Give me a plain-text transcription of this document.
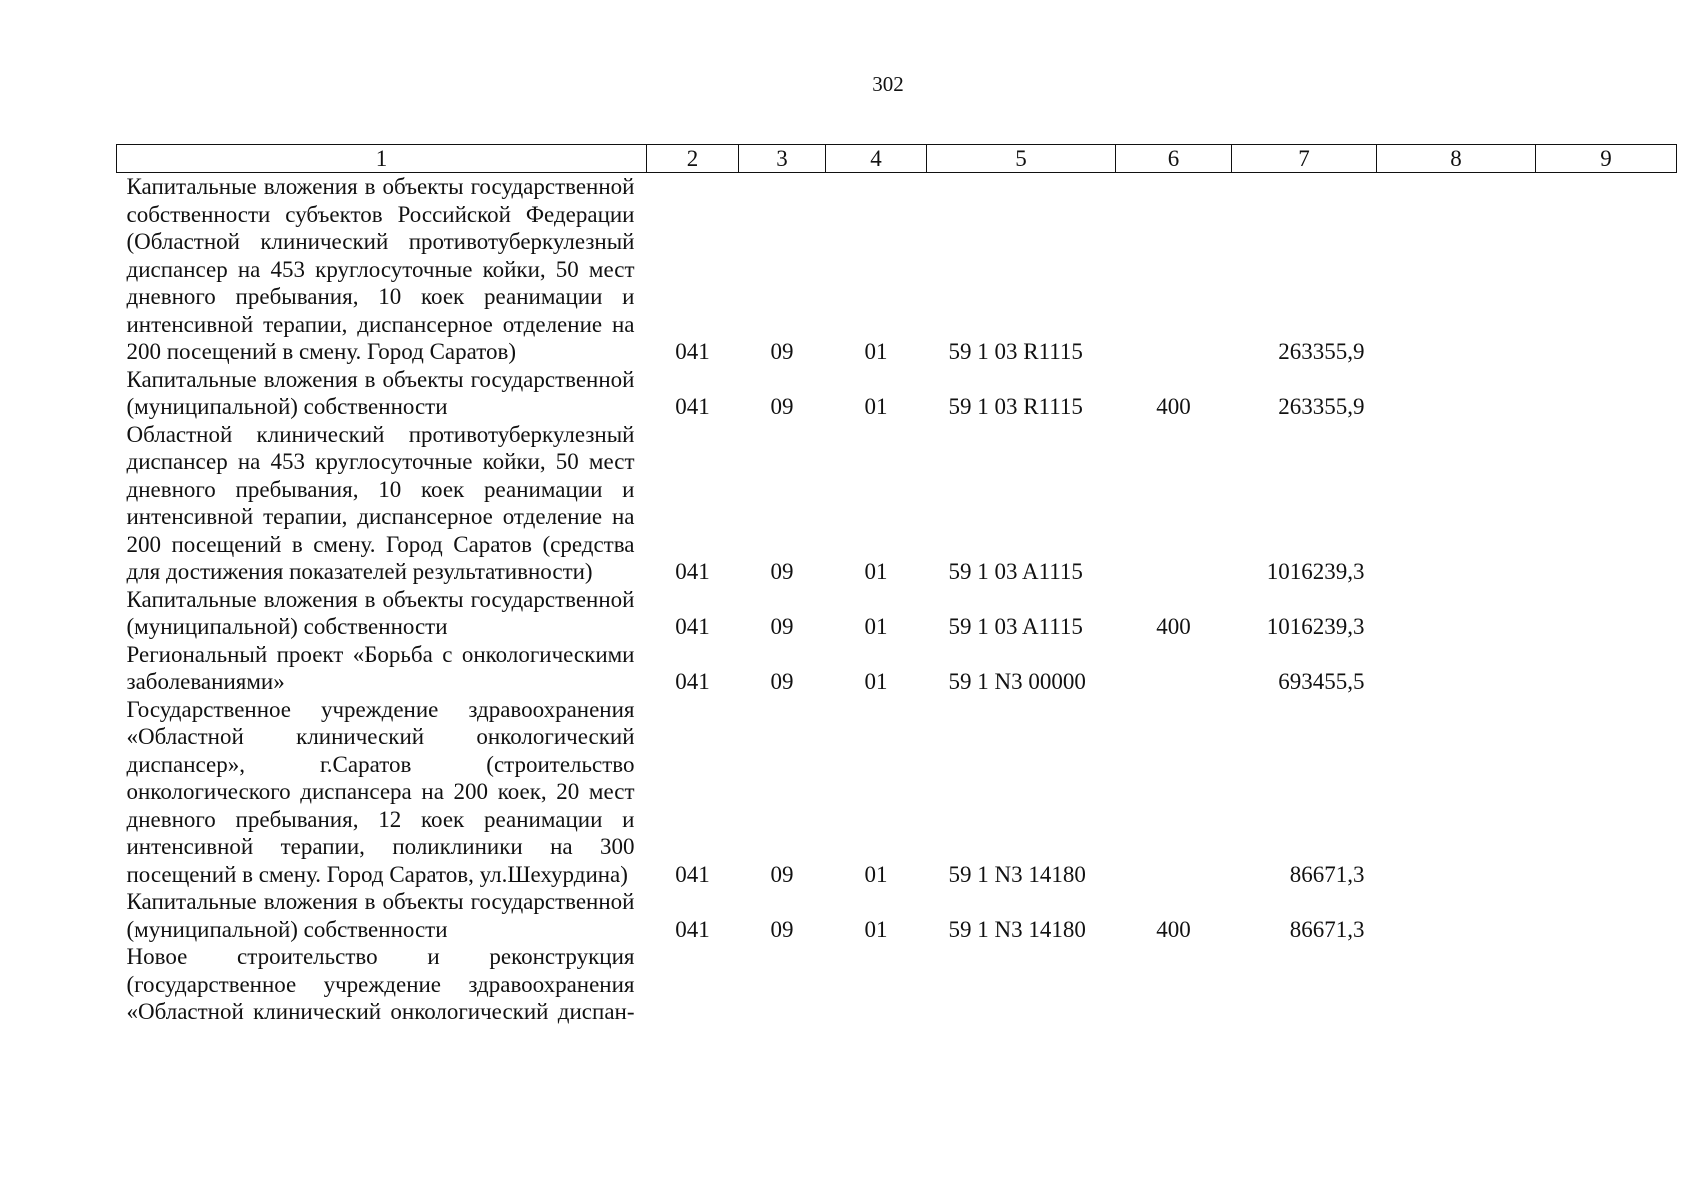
302
1	2	3	4	5	6	7	8	9
Капитальные вложения в объекты государственной собственности субъектов Российской Федерации (Областной клинический противотуберкулезный диспансер на 453 круглосуточные койки, 50 мест дневного пребывания, 10 коек реанимации и интенсивной терапии, диспансерное отделение на 200 посещений в смену. Город Саратов)	041	09	01	59 1 03 R1115		263355,9		
Капитальные вложения в объекты государственной (муниципальной) собственности	041	09	01	59 1 03 R1115	400	263355,9		
Областной клинический противотуберкулезный диспансер на 453 круглосуточные койки, 50 мест дневного пребывания, 10 коек реанимации и интенсивной терапии, диспансерное отделение на 200 посещений в смену. Город Саратов (средства для достижения показателей результативности)	041	09	01	59 1 03 A1115		1016239,3		
Капитальные вложения в объекты государственной (муниципальной) собственности	041	09	01	59 1 03 A1115	400	1016239,3		
Региональный проект «Борьба с онкологическими заболеваниями»	041	09	01	59 1 N3 00000		693455,5		
Государственное учреждение здравоохранения «Областной клинический онкологический диспансер», г.Саратов (строительство онкологического диспансера на 200 коек, 20 мест дневного пребывания, 12 коек реанимации и интенсивной терапии, поликлиники на 300 посещений в смену. Город Саратов, ул.Шехурдина)	041	09	01	59 1 N3 14180		86671,3		
Капитальные вложения в объекты государственной (муниципальной) собственности	041	09	01	59 1 N3 14180	400	86671,3		
Новое строительство и реконструкция (государственное учреждение здравоохранения «Областной клинический онкологический диспан-								
